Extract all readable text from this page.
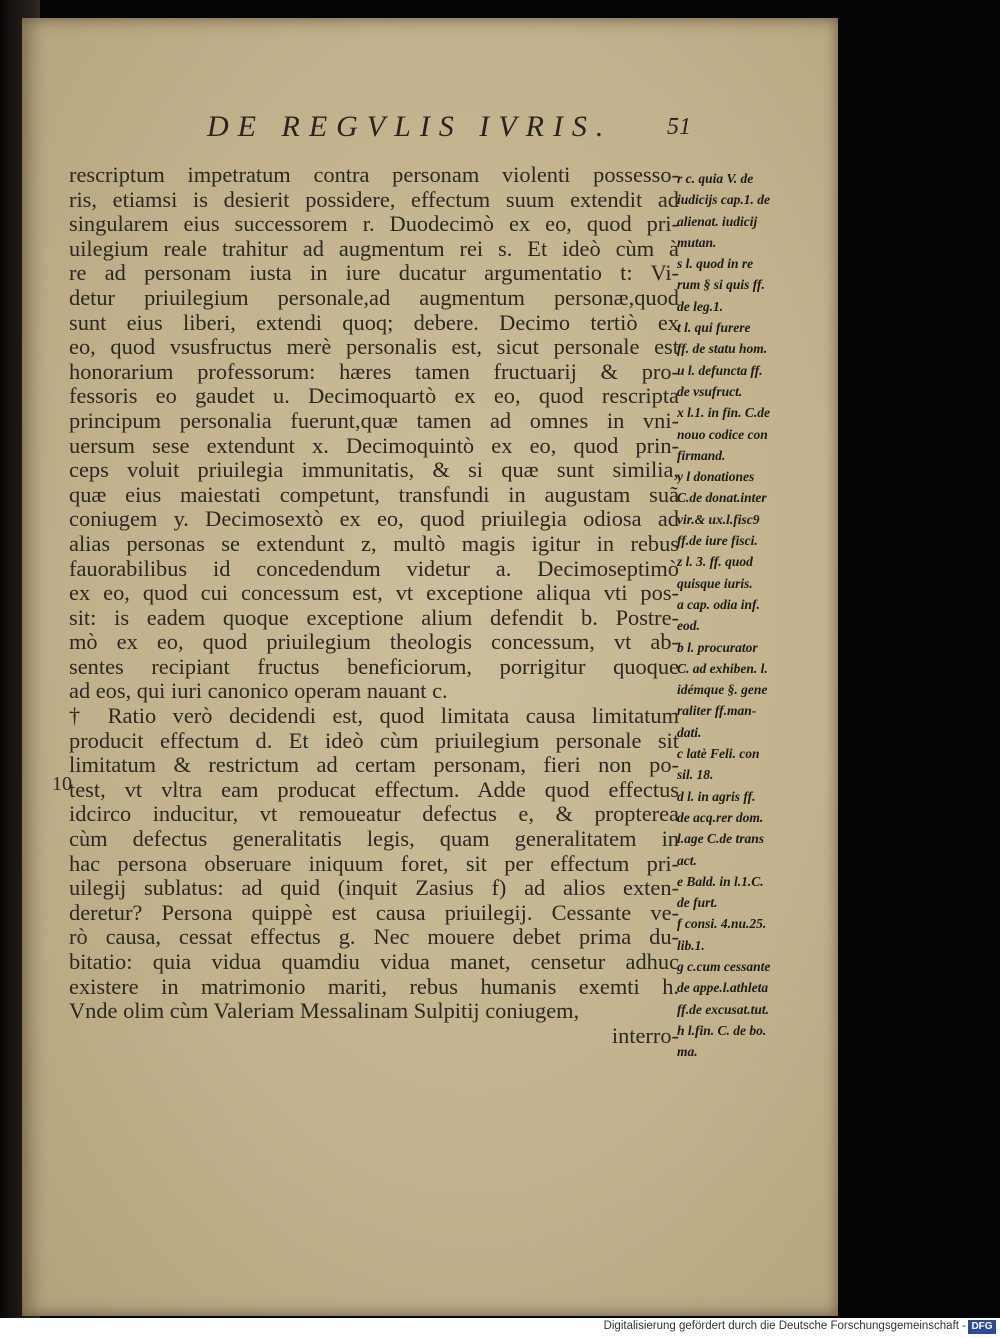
DE REGVLIS IVRIS. 51
10
rescriptum impetratum contra personam violenti possesso-
ris, etiamsi is desierit possidere, effectum suum extendit ad
singularem eius successorem r. Duodecimò ex eo, quod pri-
uilegium reale trahitur ad augmentum rei s. Et ideò cùm à
re ad personam iusta in iure ducatur argumentatio t: Vi-
detur priuilegium personale,ad augmentum personæ,quod
sunt eius liberi, extendi quoq; debere. Decimo tertiò ex
eo, quod vsusfructus merè personalis est, sicut personale est
honorarium professorum: hæres tamen fructuarij & pro-
fessoris eo gaudet u. Decimoquartò ex eo, quod rescripta
principum personalia fuerunt,quæ tamen ad omnes in vni-
uersum sese extendunt x. Decimoquintò ex eo, quod prin-
ceps voluit priuilegia immunitatis, & si quæ sunt similia,
quæ eius maiestati competunt, transfundi in augustam suã
coniugem y. Decimosextò ex eo, quod priuilegia odiosa ad
alias personas se extendunt z, multò magis igitur in rebus
fauorabilibus id concedendum videtur a. Decimoseptimò
ex eo, quod cui concessum est, vt exceptione aliqua vti pos-
sit: is eadem quoque exceptione alium defendit b. Postre-
mò ex eo, quod priuilegium theologis concessum, vt ab-
sentes recipiant fructus beneficiorum, porrigitur quoque
ad eos, qui iuri canonico operam nauant c.
† Ratio verò decidendi est, quod limitata causa limitatum
producit effectum d. Et ideò cùm priuilegium personale sit
limitatum & restrictum ad certam personam, fieri non po-
test, vt vltra eam producat effectum. Adde quod effectus
idcirco inducitur, vt remoueatur defectus e, & propterea
cùm defectus generalitatis legis, quam generalitatem in
hac persona obseruare iniquum foret, sit per effectum pri-
uilegij sublatus: ad quid (inquit Zasius f) ad alios exten-
deretur? Persona quippè est causa priuilegij. Cessante ve-
rò causa, cessat effectus g. Nec mouere debet prima du-
bitatio: quia vidua quamdiu vidua manet, censetur adhuc
existere in matrimonio mariti, rebus humanis exemti h.
Vnde olim cùm Valeriam Messalinam Sulpitij coniugem,
interro-
r c. quia V. de
iudicijs cap.1. de
alienat. iudicij
mutan.
s l. quod in re
rum § si quis ff.
de leg.1.
t l. qui furere
ff. de statu hom.
u l. defuncta ff.
de vsufruct.
x l.1. in fin. C.de
nouo codice con
firmand.
y l donationes
C.de donat.inter
vir.& ux.l.fisc9
ff.de iure fisci.
z l. 3. ff. quod
quisque iuris.
a cap. odia inf.
eod.
b l. procurator
C. ad exhiben. l.
idémque §. gene
raliter ff.man-
dati.
c latè Feli. con
sil. 18.
d l. in agris ff.
de acq.rer dom.
l.age C.de trans
act.
e Bald. in l.1.C.
de furt.
f consi. 4.nu.25.
lib.1.
g c.cum cessante
de appe.l.athleta
ff.de excusat.tut.
h l.fin. C. de bo.
ma.
Digitalisierung gefördert durch die Deutsche Forschungsgemeinschaft - DFG
